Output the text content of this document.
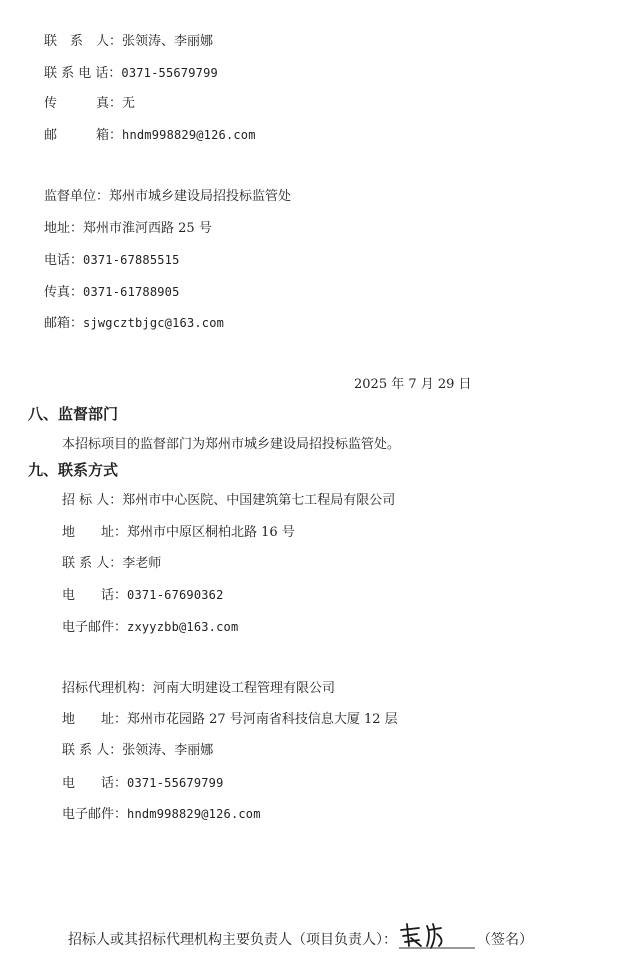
联　系　人：张领涛、李丽娜
联 系 电 话：0371-55679799
传　　　真：无
邮　　　箱：hndm998829@126.com
监督单位：郑州市城乡建设局招投标监管处
地址：郑州市淮河西路 25 号
电话：0371-67885515
传真：0371-61788905
邮箱：sjwgcztbjgc@163.com
2025 年 7 月 29 日
八、监督部门
本招标项目的监督部门为郑州市城乡建设局招投标监管处。
九、联系方式
招 标 人：郑州市中心医院、中国建筑第七工程局有限公司
地　　址：郑州市中原区桐柏北路 16 号
联 系 人：李老师
电　　话：0371-67690362
电子邮件：zxyyzbb@163.com
招标代理机构：河南大明建设工程管理有限公司
地　　址：郑州市花园路 27 号河南省科技信息大厦 12 层
联 系 人：张领涛、李丽娜
电　　话：0371-55679799
电子邮件：hndm998829@126.com
招标人或其招标代理机构主要负责人（项目负责人）：	（签名）
